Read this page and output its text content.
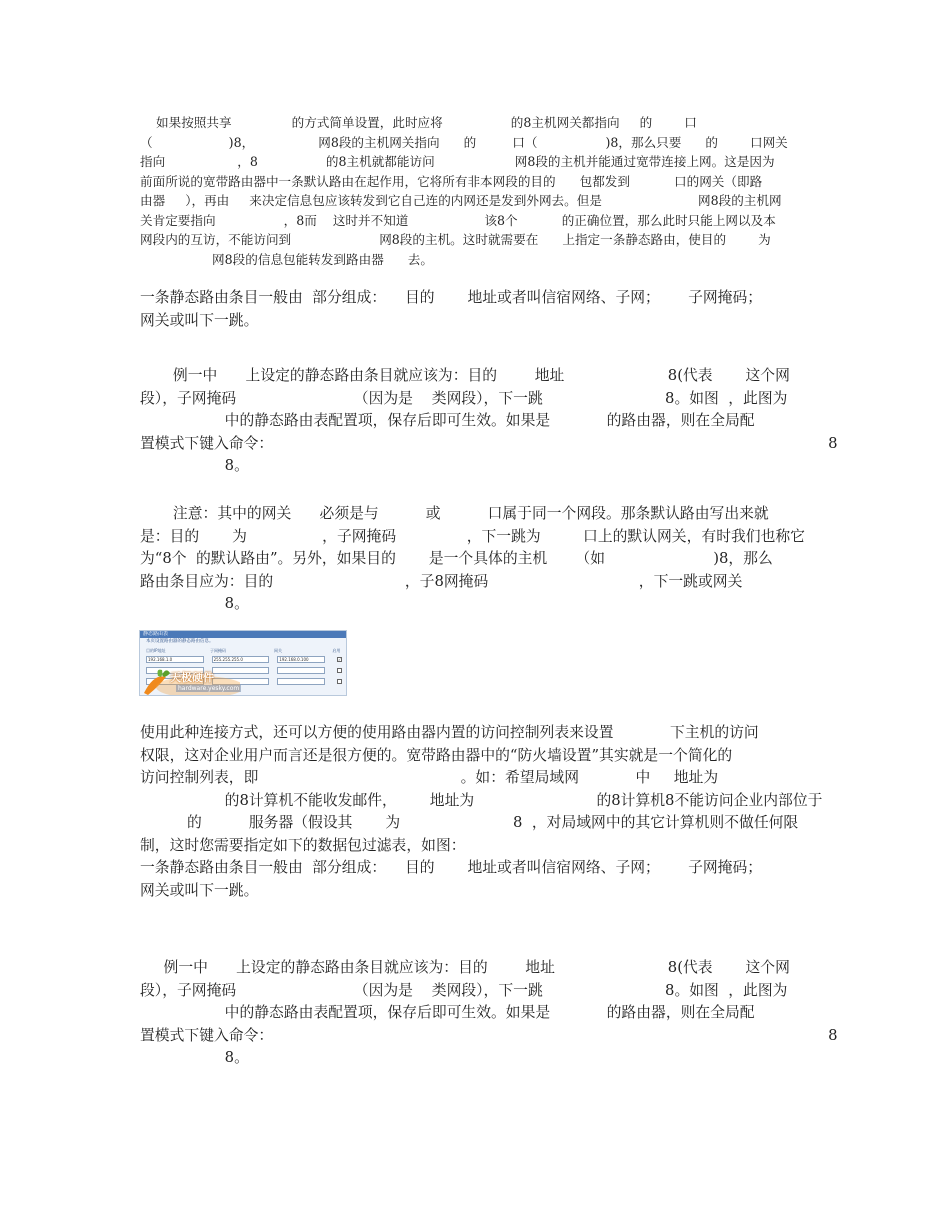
如果按照共享               的方式简单设置，此时应将                 的8主机网关都指向     的        口
（                   )8，                网8段的主机网关指向      的         口（                 )8，那么只要      的        口网关
指向                  ，8                 的8主机就都能访问                    网8段的主机并能通过宽带连接上网。这是因为
前面所说的宽带路由器中一条默认路由在起作用，它将所有非本网段的目的      包都发到           口的网关（即路
由器     ），再由     来决定信息包应该转发到它自己连的内网还是发到外网去。但是                        网8段的主机网
关肯定要指向                 ，8而    这时并不知道                   该8个           的正确位置，那么此时只能上网以及本
网段内的互访，不能访问到                      网8段的主机。这时就需要在      上指定一条静态路由，使目的        为
网8段的信息包能转发到路由器      去。

一条静态路由条目一般由  部分组成：    目的       地址或者叫信宿网络、子网；      子网掩码；
网关或叫下一跳。

例一中      上设定的静态路由条目就应该为：目的        地址                      8(代表       这个网
段），子网掩码                         （因为是    类网段），下一跳                          8。如图  ，此图为
中的静态路由表配置项，保存后即可生效。如果是            的路由器，则在全局配
置模式下键入命令：                                                                                                                      8
8。

注意：其中的网关      必须是与          或          口属于同一个网段。那条默认路由写出来就
是：目的       为                ，子网掩码               ，下一跳为         口上的默认网关，有时我们也称它
为“8个  的默认路由”。另外，如果目的       是一个具体的主机      （如                       )8，那么
路由条目应为：目的                            ，子8网掩码                                ，下一跳或网关
8。

静态路由表
本页设置路由器的静态路由信息。
目的IP地址	子网掩码	网关	启用
192.168.1.0	255.255.255.0	192.168.0.100	✓
天极硬件
hardware.yesky.com

使用此种连接方式，还可以方便的使用路由器内置的访问控制列表来设置            下主机的访问
权限，这对企业用户而言还是很方便的。宽带路由器中的“防火墙设置”其实就是一个简化的
访问控制列表，即                                           。如：希望局域网            中     地址为
的8计算机不能收发邮件，       地址为                          的8计算机8不能访问企业内部位于
的          服务器（假设其       为                        8  ，对局域网中的其它计算机则不做任何限
制，这时您需要指定如下的数据包过滤表，如图：

一条静态路由条目一般由  部分组成：    目的       地址或者叫信宿网络、子网；      子网掩码；
网关或叫下一跳。

例一中      上设定的静态路由条目就应该为：目的        地址                        8(代表       这个网
段），子网掩码                         （因为是    类网段），下一跳                          8。如图  ，此图为
中的静态路由表配置项，保存后即可生效。如果是            的路由器，则在全局配
置模式下键入命令：                                                                                                                      8
8。
